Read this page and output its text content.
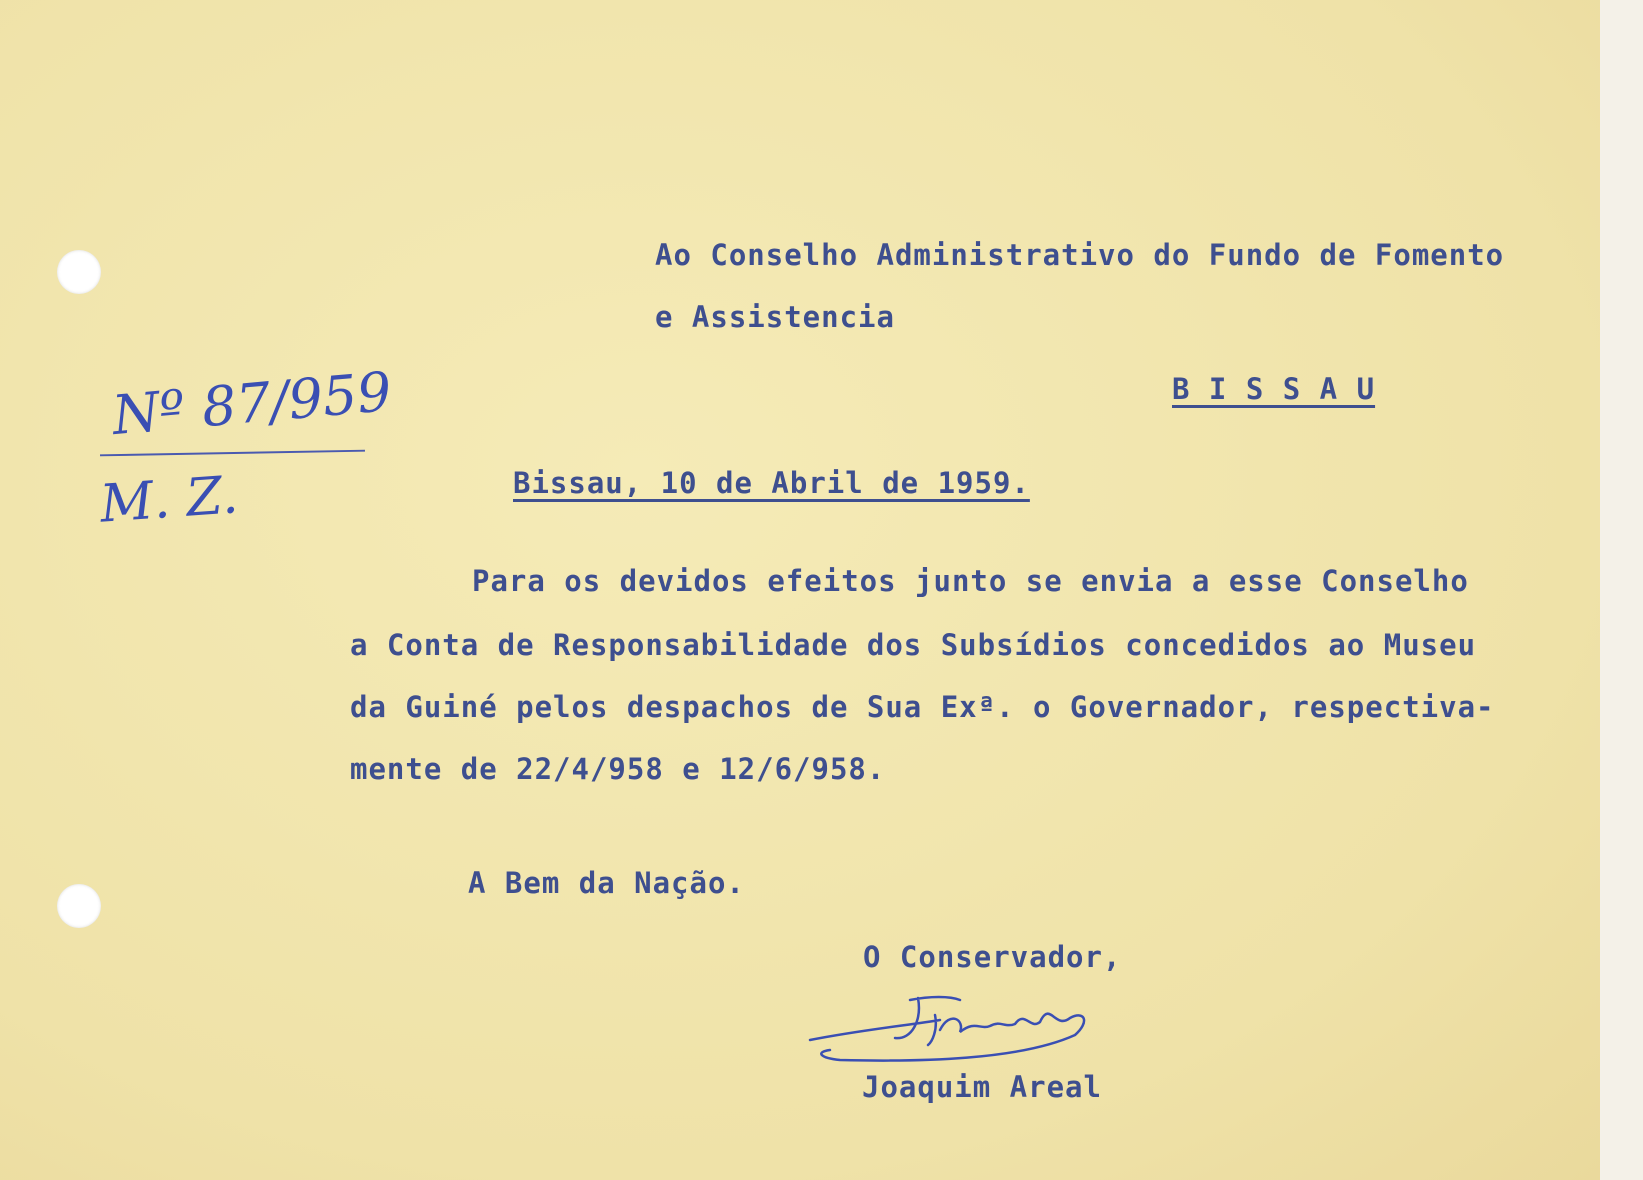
Ao Conselho Administrativo do Fundo de Fomento
e Assistencia
B I S S A U
Nº 87/959
M. Z.	Bissau, 10 de Abril de 1959.
Para os devidos efeitos junto se envia a esse Conselho
a Conta de Responsabilidade dos Subsídios concedidos ao Museu
da Guiné pelos despachos de Sua Exª. o Governador, respectiva-
mente de 22/4/958 e 12/6/958.
A Bem da Nação.
O Conservador,
Joaquim Areal
